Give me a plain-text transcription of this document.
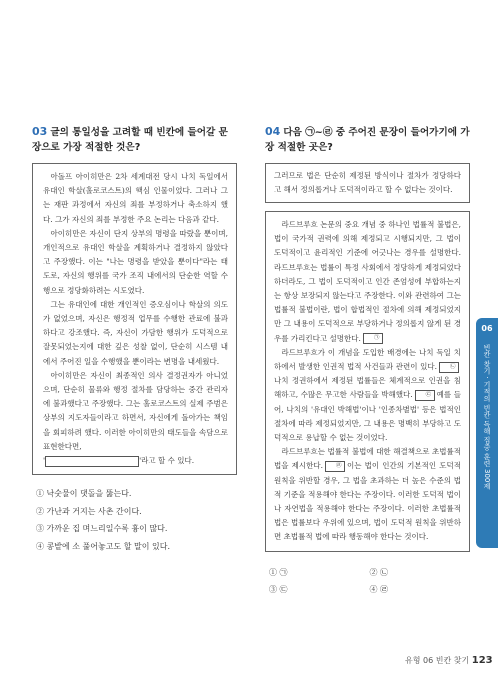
03 글의 통일성을 고려할 때 빈칸에 들어갈 문장으로 가장 적절한 것은?

아돌프 아이히만은 2차 세계대전 당시 나치 독일에서 유대인 학살(홀로코스트)의 핵심 인물이었다. 그러나 그는 재판 과정에서 자신의 죄를 부정하거나 축소하지 했다. 그가 자신의 죄를 부정한 주요 논리는 다음과 같다.

아이히만은 자신이 단지 상부의 명령을 따랐을 뿐이며, 개인적으로 유대인 학살을 계획하거나 결정하지 않았다고 주장했다. 이는 "나는 명령을 받았을 뿐이다"라는 태도로, 자신의 행위를 국가 조직 내에서의 단순한 역할 수행으로 정당화하려는 시도였다.

그는 유대인에 대한 개인적인 증오심이나 학살의 의도가 없었으며, 자신은 행정적 업무를 수행한 관료에 불과하다고 강조했다. 즉, 자신이 가담한 행위가 도덕적으로 잘못되었는지에 대한 깊은 성찰 없이, 단순히 시스템 내에서 주어진 일을 수행했을 뿐이라는 변명을 내세웠다.

아이히만은 자신이 최종적인 의사 결정권자가 아니었으며, 단순히 물류와 행정 절차를 담당하는 중간 관리자에 불과했다고 주장했다. 그는 홀로코스트의 실제 주범은 상부의 지도자들이라고 하면서, 자신에게 돌아가는 책임을 회피하려 했다. 이러한 아이히만의 태도들을 속담으로 표현한다면,

'	'라고 할 수 있다.
① 낙숫물이 댓돌을 뚫는다.
② 가난과 거지는 사촌 간이다.
③ 가까운 집 며느리일수록 흉이 많다.
④ 콩밭에 소 풀어놓고도 할 말이 있다.
04 다음 ㉠~㉣ 중 주어진 문장이 들어가기에 가장 적절한 곳은?
그러므로 법은 단순히 제정된 방식이나 절차가 정당하다고 해서 정의롭거나 도덕적이라고 할 수 없다는 것이다.

라드브루흐 논문의 중요 개념 중 하나인 법률적 불법은, 법이 국가적 권력에 의해 제정되고 시행되지만, 그 법이 도덕적이고 윤리적인 기준에 어긋나는 경우를 설명한다. 라드브루흐는 법률이 특정 사회에서 정당하게 제정되었다 하더라도, 그 법이 도덕적이고 인간 존엄성에 부합하는지는 항상 보장되지 않는다고 주장한다. 이와 관련하여 그는 법률적 불법이란, 법이 합법적인 절차에 의해 제정되었지만 그 내용이 도덕적으로 부당하거나 정의롭지 않게 된 경우를 가리킨다고 설명한다. ㉠

라드브루흐가 이 개념을 도입한 배경에는 나치 독일 치하에서 발생한 인권적 법적 사건들과 관련이 있다. ㉡나치 정권하에서 제정된 법률들은 체계적으로 인권을 침해하고, 수많은 무고한 사람들을 박해했다. ㉢ 예를 들어, 나치의 '유대인 박해법'이나 '인종차별법' 등은 법적인 절차에 따라 제정되었지만, 그 내용은 명백히 부당하고 도덕적으로 용납할 수 없는 것이었다.

라드브루흐는 법률적 불법에 대한 해결책으로 초법률적 법을 제시한다. ㉣ 이는 법이 인간의 기본적인 도덕적 원칙을 위반할 경우, 그 법을 초과하는 더 높은 수준의 법적 기준을 적용해야 한다는 주장이다. 이러한 도덕적 법이나 자연법을 적용해야 한다는 주장이다. 이러한 초법률적 법은 법률보다 우위에 있으며, 법이 도덕적 원칙을 위반하면 초법률적 법에 따라 행동해야 한다는 것이다.

① ㉠	② ㉡
③ ㉢	④ ㉣
06
빈칸 찾기 · 기적의 빈칸 독해 집중 훈련 300제
유형 06 빈칸 찾기 123
